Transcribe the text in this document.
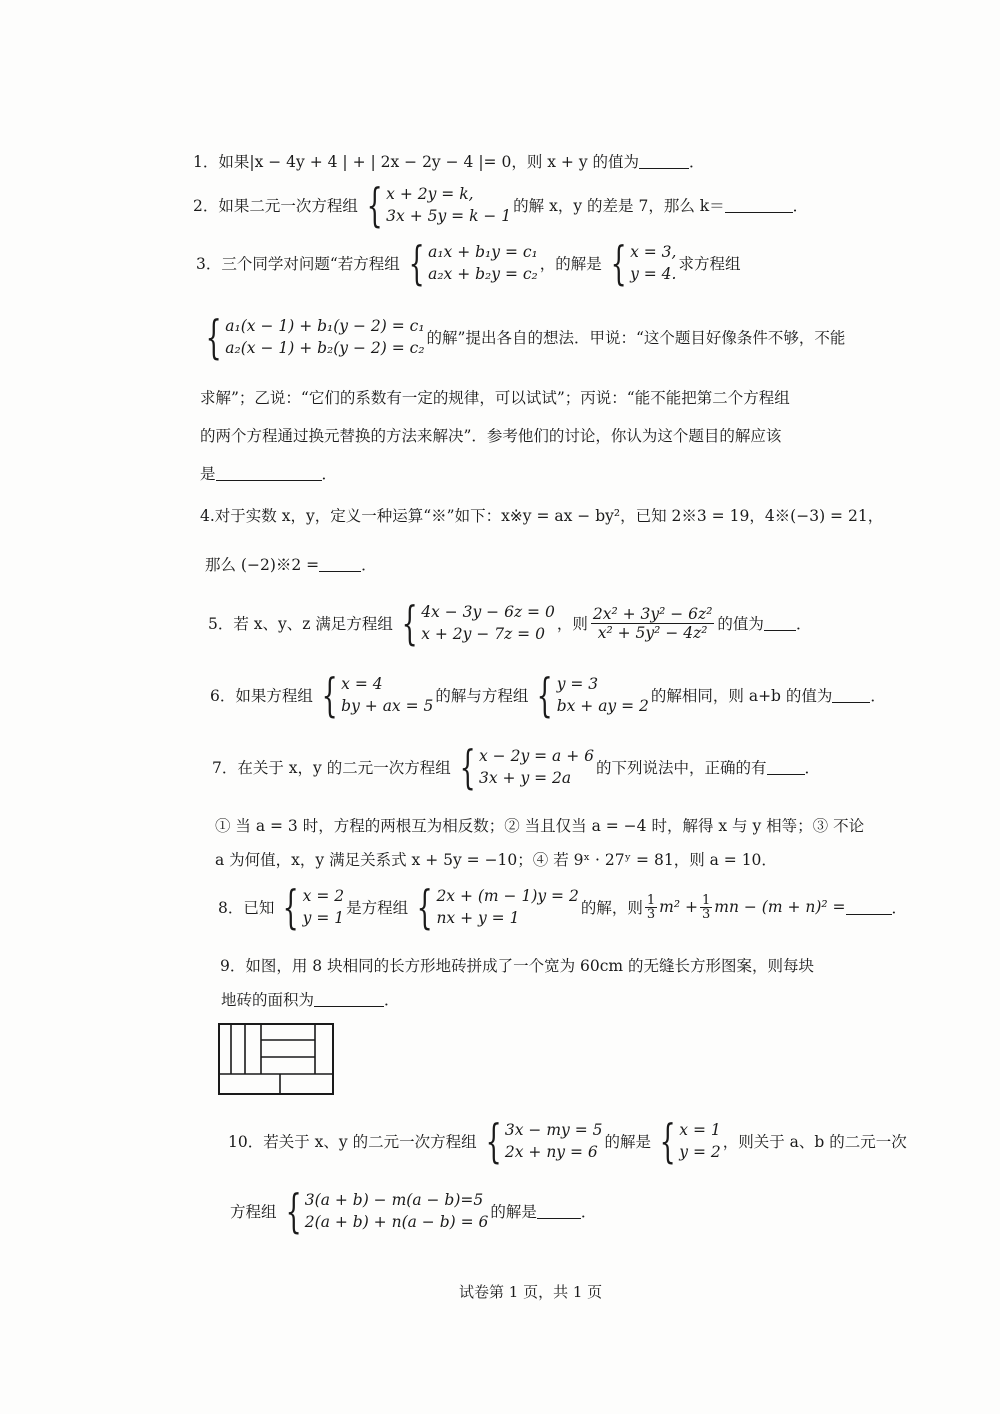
1．如果|x − 4y + 4 | + | 2x − 2y − 4 |= 0，则 x + y 的值为	．
2． 如果二元一次方程组 { x + 2y = k,
3x + 5y = k − 1
的解 x，y 的差是 7，那么 k＝	．
3． 三个同学对问题“若方程组 { a₁x + b₁y = c₁
a₂x + b₂y = c₂
，的解是 { x = 3,
y = 4.
求方程组
{ a₁(x − 1) + b₁(y − 2) = c₁
a₂(x − 1) + b₂(y − 2) = c₂
的解”提出各自的想法．甲说：“这个题目好像条件不够，不能
求解”；乙说：“它们的系数有一定的规律，可以试试”；丙说：“能不能把第二个方程组
的两个方程通过换元替换的方法来解决”．参考他们的讨论，你认为这个题目的解应该
是	．
4.对于实数 x，y，定义一种运算“※”如下：x※y = ax − by²，已知 2※3 = 19，4※(−3) = 21，
那么 (−2)※2 =	．
5． 若 x、y、z 满足方程组 { 4x − 3y − 6z = 0
x + 2y − 7z = 0
，则 $\frac{\text{2x² + 3y² − 6z²}}{\text{x² + 5y² − 4z²}}$ 的值为 ．
6． 如果方程组 { x = 4
by + ax = 5
的解与方程组 { y = 3
bx + ay = 2
的解相同，则 a+b 的值为 ．
7． 在关于 x，y 的二元一次方程组 { x − 2y = a + 6
3x + y = 2a
的下列说法中，正确的有 ．
① 当 a = 3 时，方程的两根互为相反数；② 当且仅当 a = −4 时，解得 x 与 y 相等；③ 不论
a 为何值，x，y 满足关系式 x + 5y = −10；④ 若 9ˣ · 27ʸ = 81，则 a = 10．
8． 已知 { x = 2
y = 1
是方程组 { 2x + (m − 1)y = 2
nx + y = 1
的解，则 1
3 $m^2 + \frac{1}{3}$ mn − (m + n)² =	．
9．如图，用 8 块相同的长方形地砖拼成了一个宽为 60cm 的无缝长方形图案，则每块
地砖的面积为	．
10． 若关于 x、y 的二元一次方程组 { 3x − my = 5
2x + ny = 6
的解是 { x = 1
y = 2
，则关于 a、b 的二元一次
方程组 { 3(a + b) − m(a − b)=5
2(a + b) + n(a − b) = 6
的解是	．
试卷第 1 页，共 1 页
